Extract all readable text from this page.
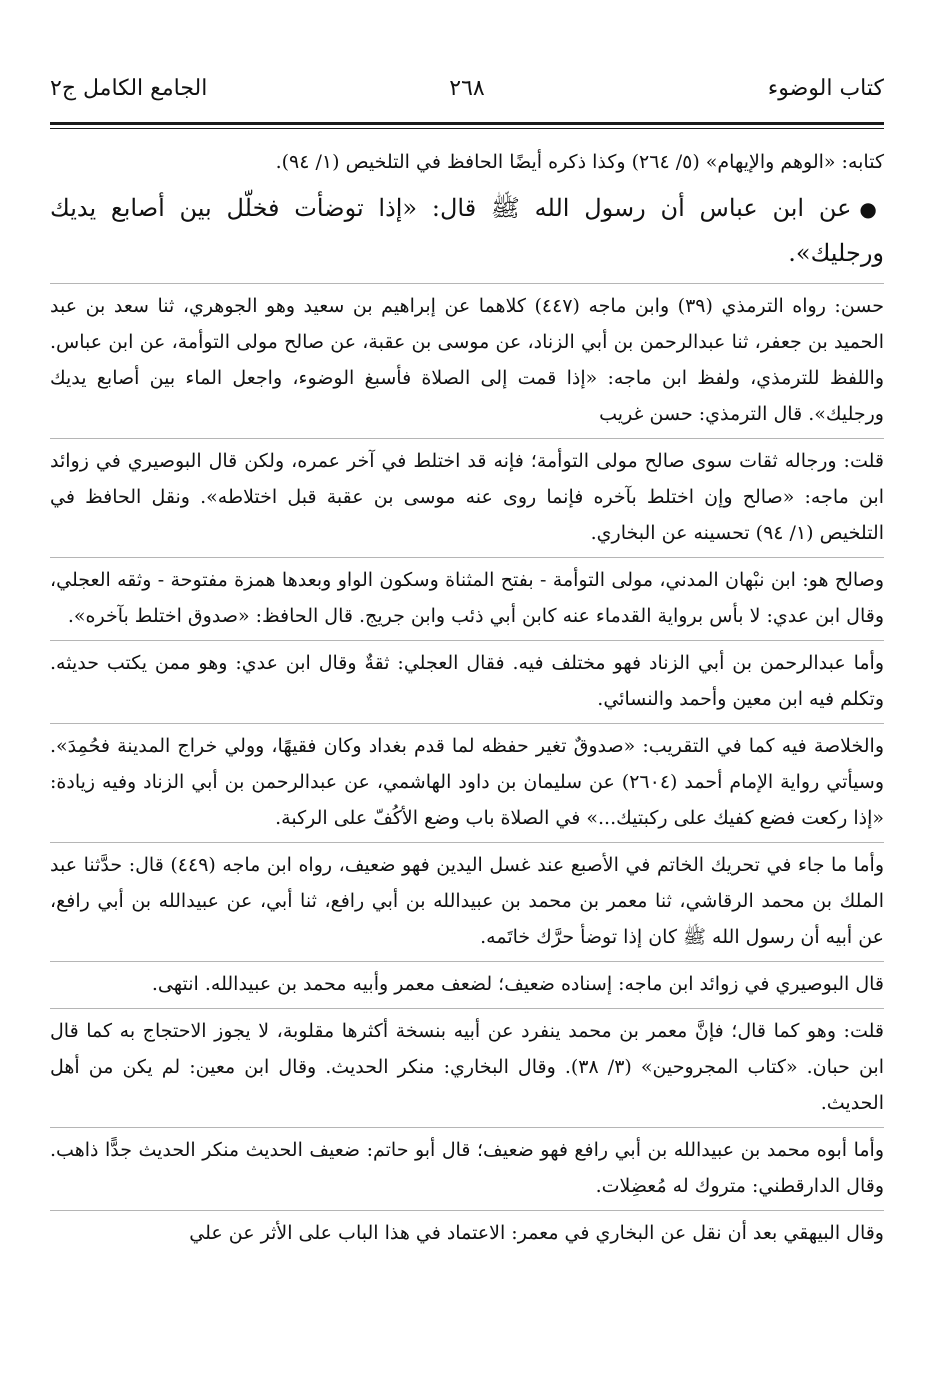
كتاب الوضوء
٢٦٨
الجامع الكامل ج٢

كتابه: «الوهم والإيهام» (٥/ ٢٦٤) وكذا ذكره أيضًا الحافظ في التلخيص (١/ ٩٤).

●عن ابن عباس أن رسول الله ﷺ قال: «إذا توضأت فخلّل بين أصابع يديك ورجليك».

حسن: رواه الترمذي (٣٩) وابن ماجه (٤٤٧) كلاهما عن إبراهيم بن سعيد وهو الجوهري، ثنا سعد بن عبد الحميد بن جعفر، ثنا عبدالرحمن بن أبي الزناد، عن موسى بن عقبة، عن صالح مولى التوأمة، عن ابن عباس. واللفظ للترمذي، ولفظ ابن ماجه: «إذا قمت إلى الصلاة فأسبغ الوضوء، واجعل الماء بين أصابع يديك ورجليك». قال الترمذي: حسن غريب

قلت: ورجاله ثقات سوى صالح مولى التوأمة؛ فإنه قد اختلط في آخر عمره، ولكن قال البوصيري في زوائد ابن ماجه: «صالح وإن اختلط بآخره فإنما روى عنه موسى بن عقبة قبل اختلاطه». ونقل الحافظ في التلخيص (١/ ٩٤) تحسينه عن البخاري.

وصالح هو: ابن نبْهان المدني، مولى التوأمة - بفتح المثناة وسكون الواو وبعدها همزة مفتوحة - وثقه العجلي، وقال ابن عدي: لا بأس برواية القدماء عنه كابن أبي ذئب وابن جريج. قال الحافظ: «صدوق اختلط بآخره».

وأما عبدالرحمن بن أبي الزناد فهو مختلف فيه. فقال العجلي: ثقةٌ وقال ابن عدي: وهو ممن يكتب حديثه. وتكلم فيه ابن معين وأحمد والنسائي.

والخلاصة فيه كما في التقريب: «صدوقٌ تغير حفظه لما قدم بغداد وكان فقيهًا، وولي خراج المدينة فحُمِدَ». وسيأتي رواية الإمام أحمد (٢٦٠٤) عن سليمان بن داود الهاشمي، عن عبدالرحمن بن أبي الزناد وفيه زيادة: «إذا ركعت فضع كفيك على ركبتيك...» في الصلاة باب وضع الأكُفّ على الركبة.

وأما ما جاء في تحريك الخاتم في الأصبع عند غسل اليدين فهو ضعيف، رواه ابن ماجه (٤٤٩) قال: حدَّثنا عبد الملك بن محمد الرقاشي، ثنا معمر بن محمد بن عبيدالله بن أبي رافع، ثنا أبي، عن عبيدالله بن أبي رافع، عن أبيه أن رسول الله ﷺ كان إذا توضأ حرَّك خاتَمه.

قال البوصيري في زوائد ابن ماجه: إسناده ضعيف؛ لضعف معمر وأبيه محمد بن عبيدالله. انتهى.

قلت: وهو كما قال؛ فإنَّ معمر بن محمد ينفرد عن أبيه بنسخة أكثرها مقلوبة، لا يجوز الاحتجاج به كما قال ابن حبان. «كتاب المجروحين» (٣/ ٣٨). وقال البخاري: منكر الحديث. وقال ابن معين: لم يكن من أهل الحديث.

وأما أبوه محمد بن عبيدالله بن أبي رافع فهو ضعيف؛ قال أبو حاتم: ضعيف الحديث منكر الحديث جدًّا ذاهب. وقال الدارقطني: متروك له مُعضِلات.

وقال البيهقي بعد أن نقل عن البخاري في معمر: الاعتماد في هذا الباب على الأثر عن علي
